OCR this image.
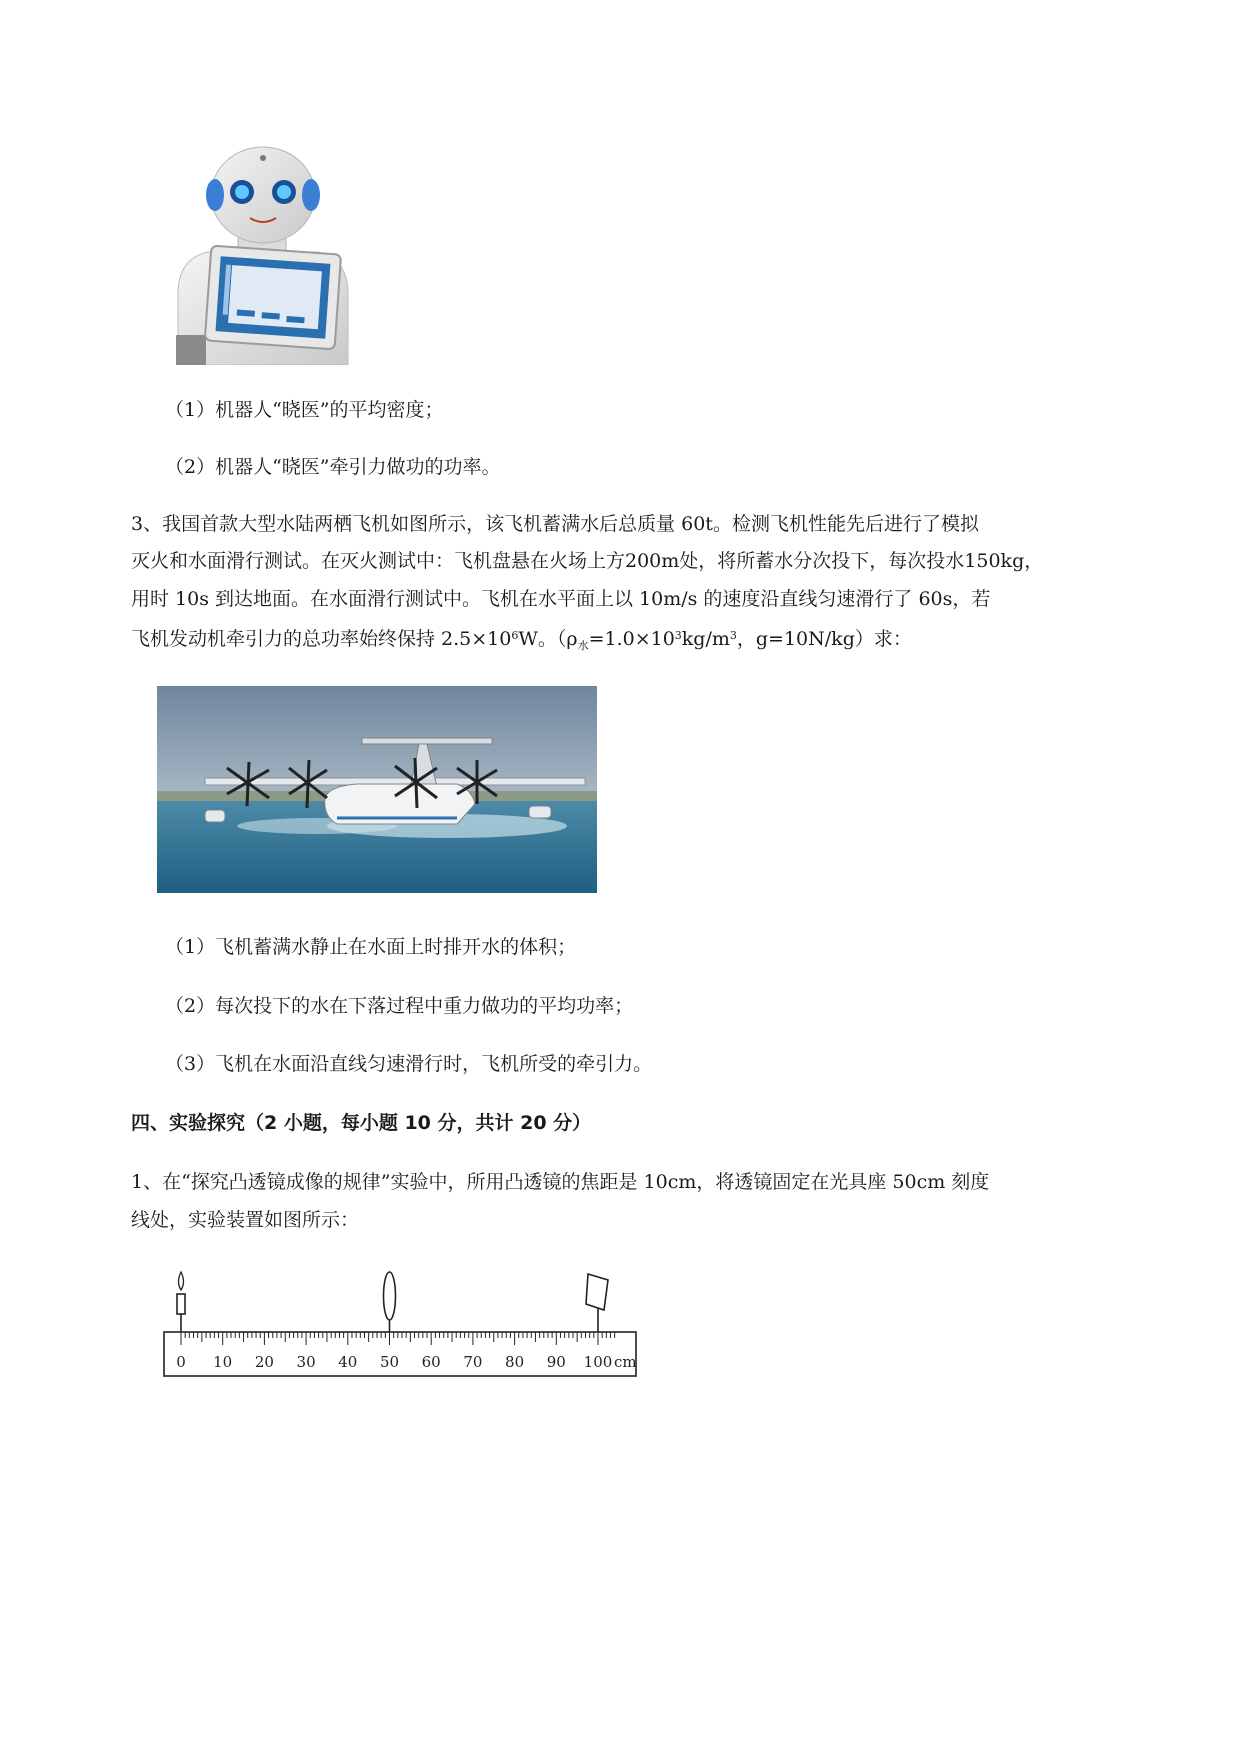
（1）机器人“晓医”的平均密度；

（2）机器人“晓医”牵引力做功的功率。

3、我国首款大型水陆两栖飞机如图所示，该飞机蓄满水后总质量 60t。检测飞机性能先后进行了模拟

灭火和水面滑行测试。在灭火测试中：飞机盘悬在火场上方200m处，将所蓄水分次投下，每次投水150kg，

用时 10s 到达地面。在水面滑行测试中。飞机在水平面上以 10m/s 的速度沿直线匀速滑行了 60s，若

飞机发动机牵引力的总功率始终保持 $2.5\times 10^6W$。（$\rho_水=1.0\times 10^3kg/m^3$，g=10N/kg）求：

（1）飞机蓄满水静止在水面上时排开水的体积；

（2）每次投下的水在下落过程中重力做功的平均功率；

（3）飞机在水面沿直线匀速滑行时，飞机所受的牵引力。

四、实验探究（2 小题，每小题 10 分，共计 20 分）

1、在“探究凸透镜成像的规律”实验中，所用凸透镜的焦距是 10cm，将透镜固定在光具座 50cm 刻度

线处，实验装置如图所示：

0 10 20 30 40 50 60 70 80 90 100 cm
